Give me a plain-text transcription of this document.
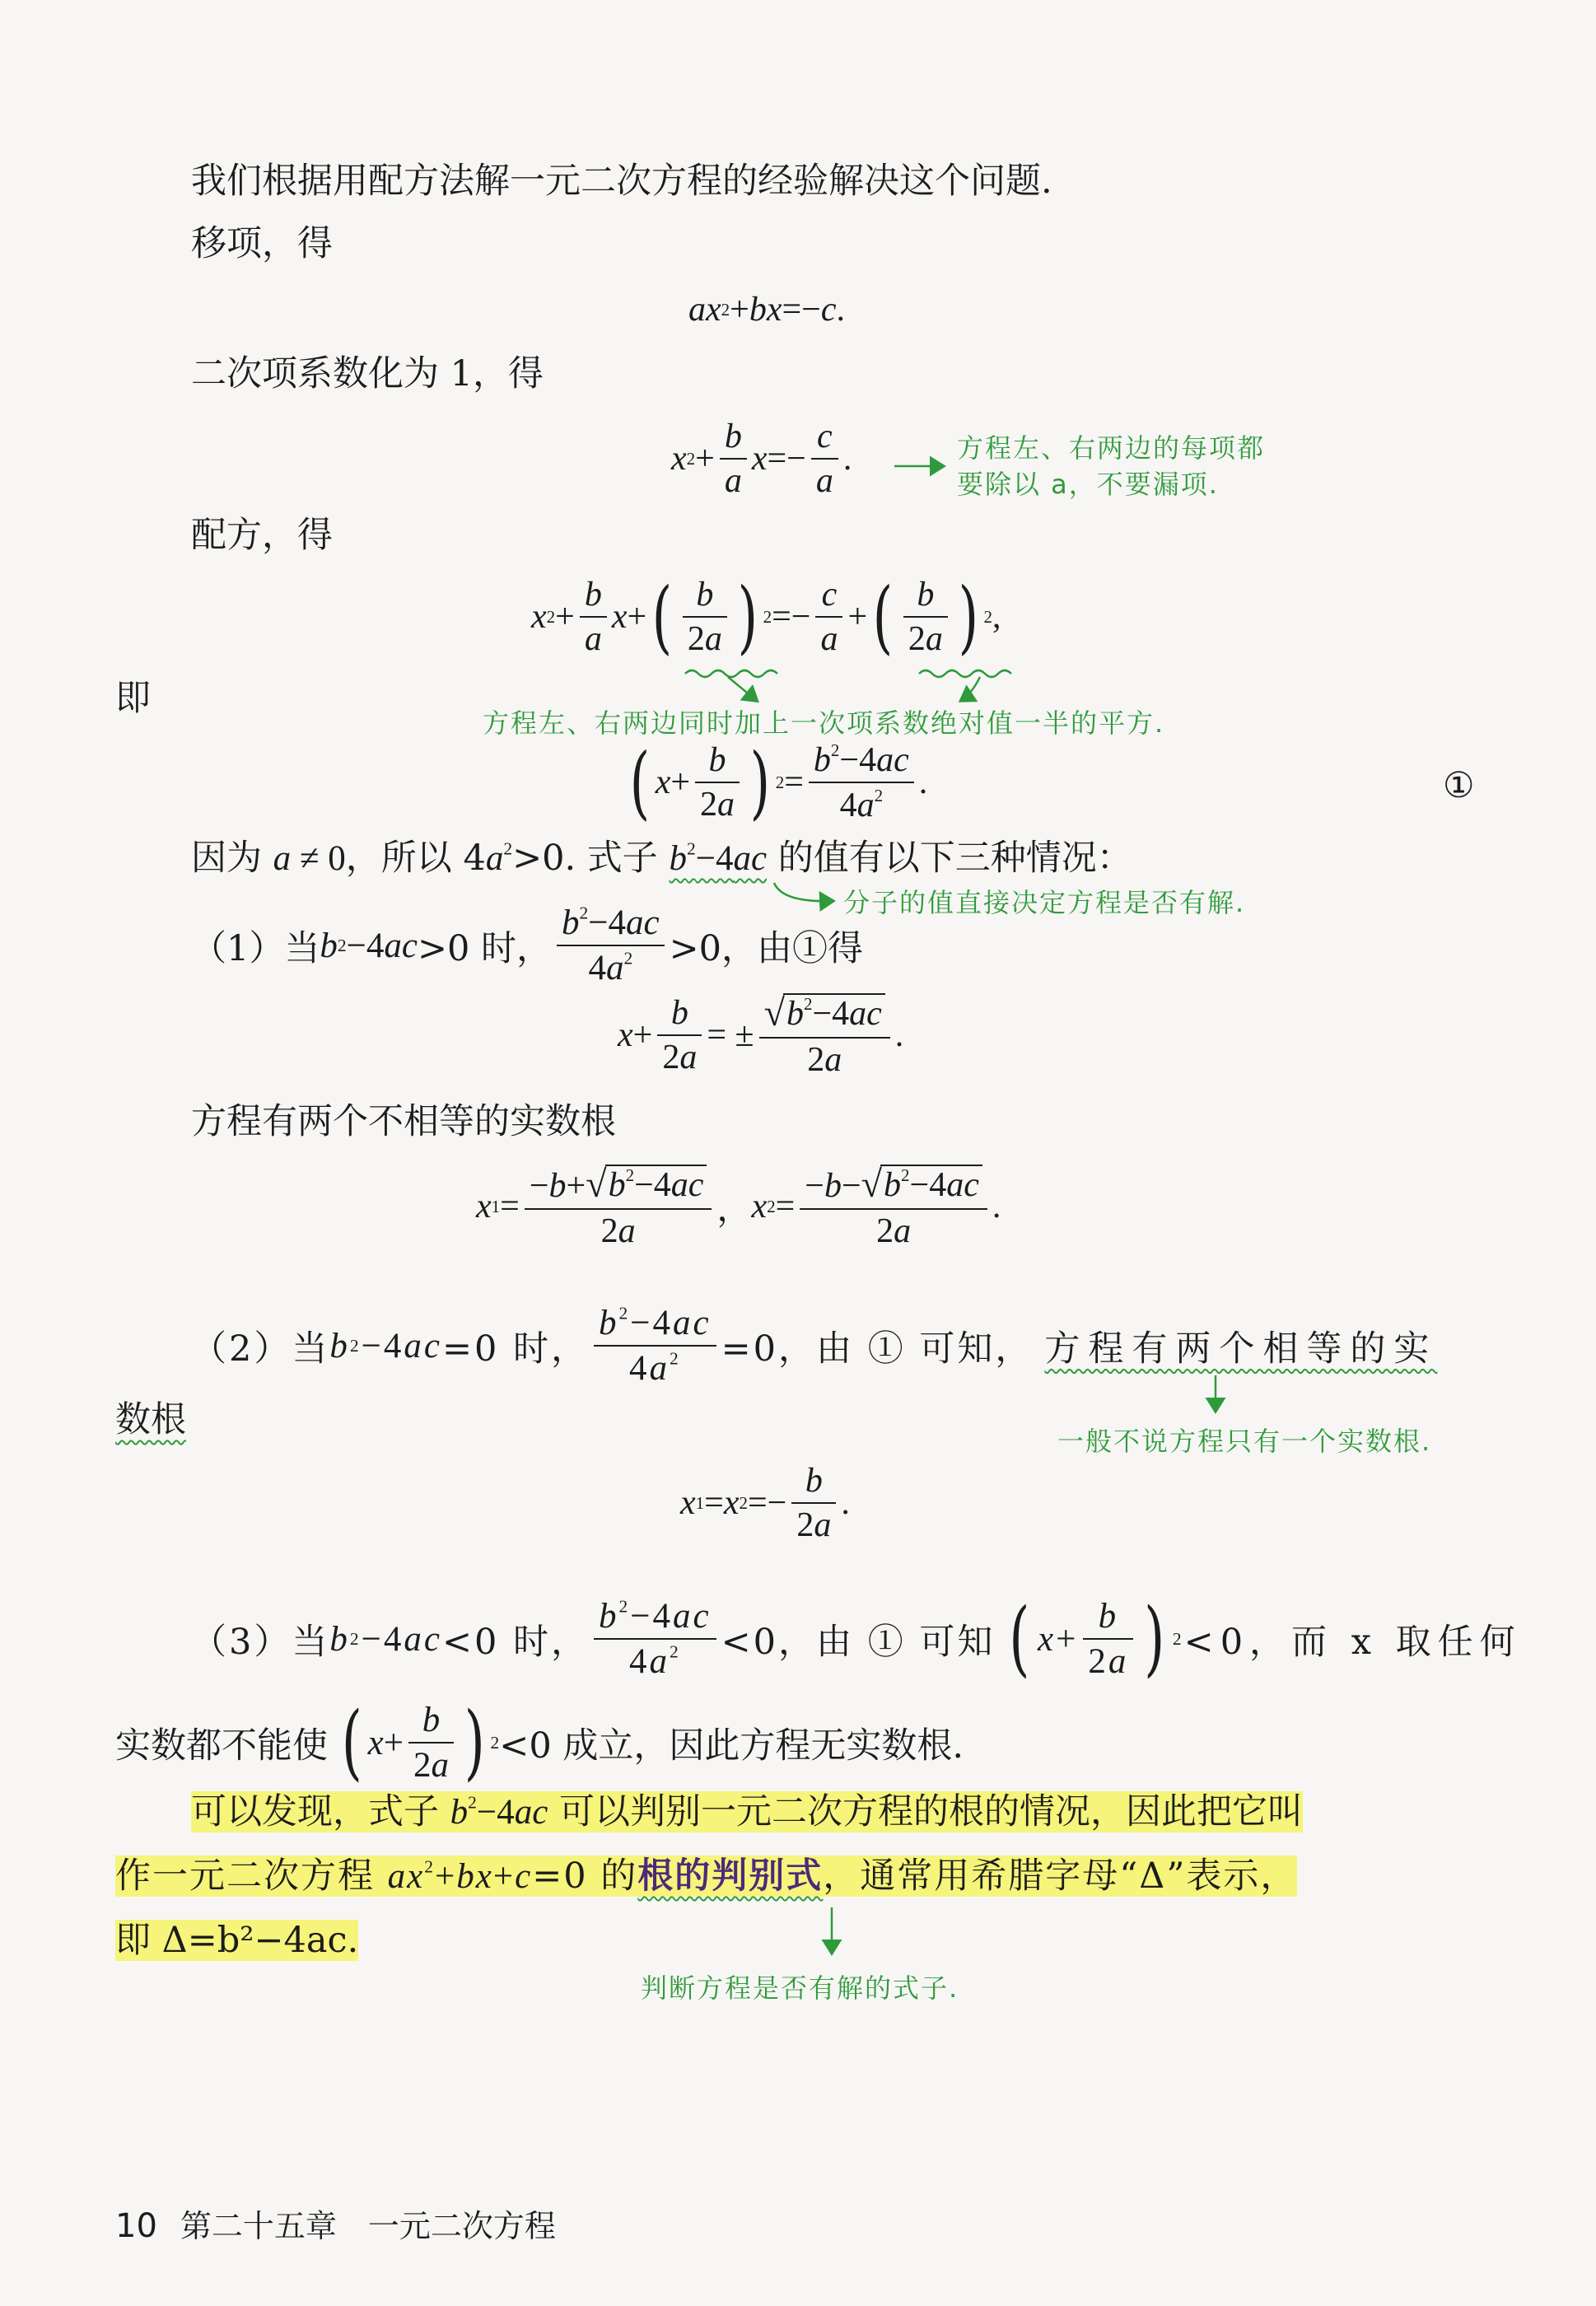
我们根据用配方法解一元二次方程的经验解决这个问题.
移项，得
ax 2 + bx =− c .
二次项系数化为 1，得
x $2 + \frac{b}{a}$ $x =- \frac{c}{a}$ .	方程左、右两边的每项都
要除以 a，不要漏项.
配方，得
x $2 + \frac{b}{a}$ x + ( $\frac{b}{2a}$ ) $2 =- \frac{c}{a}$ + ( $\frac{b}{2a}$ ) 2 ,
即
方程左、右两边同时加上一次项系数绝对值一半的平方.
( $x + \frac{b}{2a}$ ) $2 = \frac{b^2-4ac}{4a^2}$ .	①
因为 a ≠ 0，所以 $4a^2>0$. 式子 $b^2-4ac$ 的值有以下三种情况：
分子的值直接决定方程是否有解.
（1）当 b 2 −4 ac >0 时， $\frac{b^2-4ac}{4a^2} >0$，由①得
$x + \frac{b}{2a}$ = ± $\frac{√ b^2-4ac}{2a}$ .
方程有两个不相等的实数根
x $1 = \frac{-b+ √ b^2-4ac}{2a}$ ， x $2 = \frac{-b- √ b^2-4ac}{2a}$ .
（2）当 b 2 −4 ac =0 时， $\frac{b^2-4ac}{4a^2} =0$，由 ① 可知， 方程有两个相等的实
数根
一般不说方程只有一个实数根.
x 1 = x $2 =- \frac{b}{2a}$ .
（3）当 b 2 −4 ac <0 时， $\frac{b^2-4ac}{4a^2} <0$，由 ① 可知 ( $x + \frac{b}{2a}$ ) 2 <0，而 x 取任何
实数都不能使 ( $x + \frac{b}{2a}$ ) 2 <0 成立，因此方程无实数根.
可以发现，式子 $b^2-4ac$ 可以判别一元二次方程的根的情况，因此把它叫
作一元二次方程 $ax^2+bx+c=0$ 的根的判别式，通常用希腊字母“Δ”表示，
即 Δ=b²−4ac.
判断方程是否有解的式子.
10 第二十五章　一元二次方程
